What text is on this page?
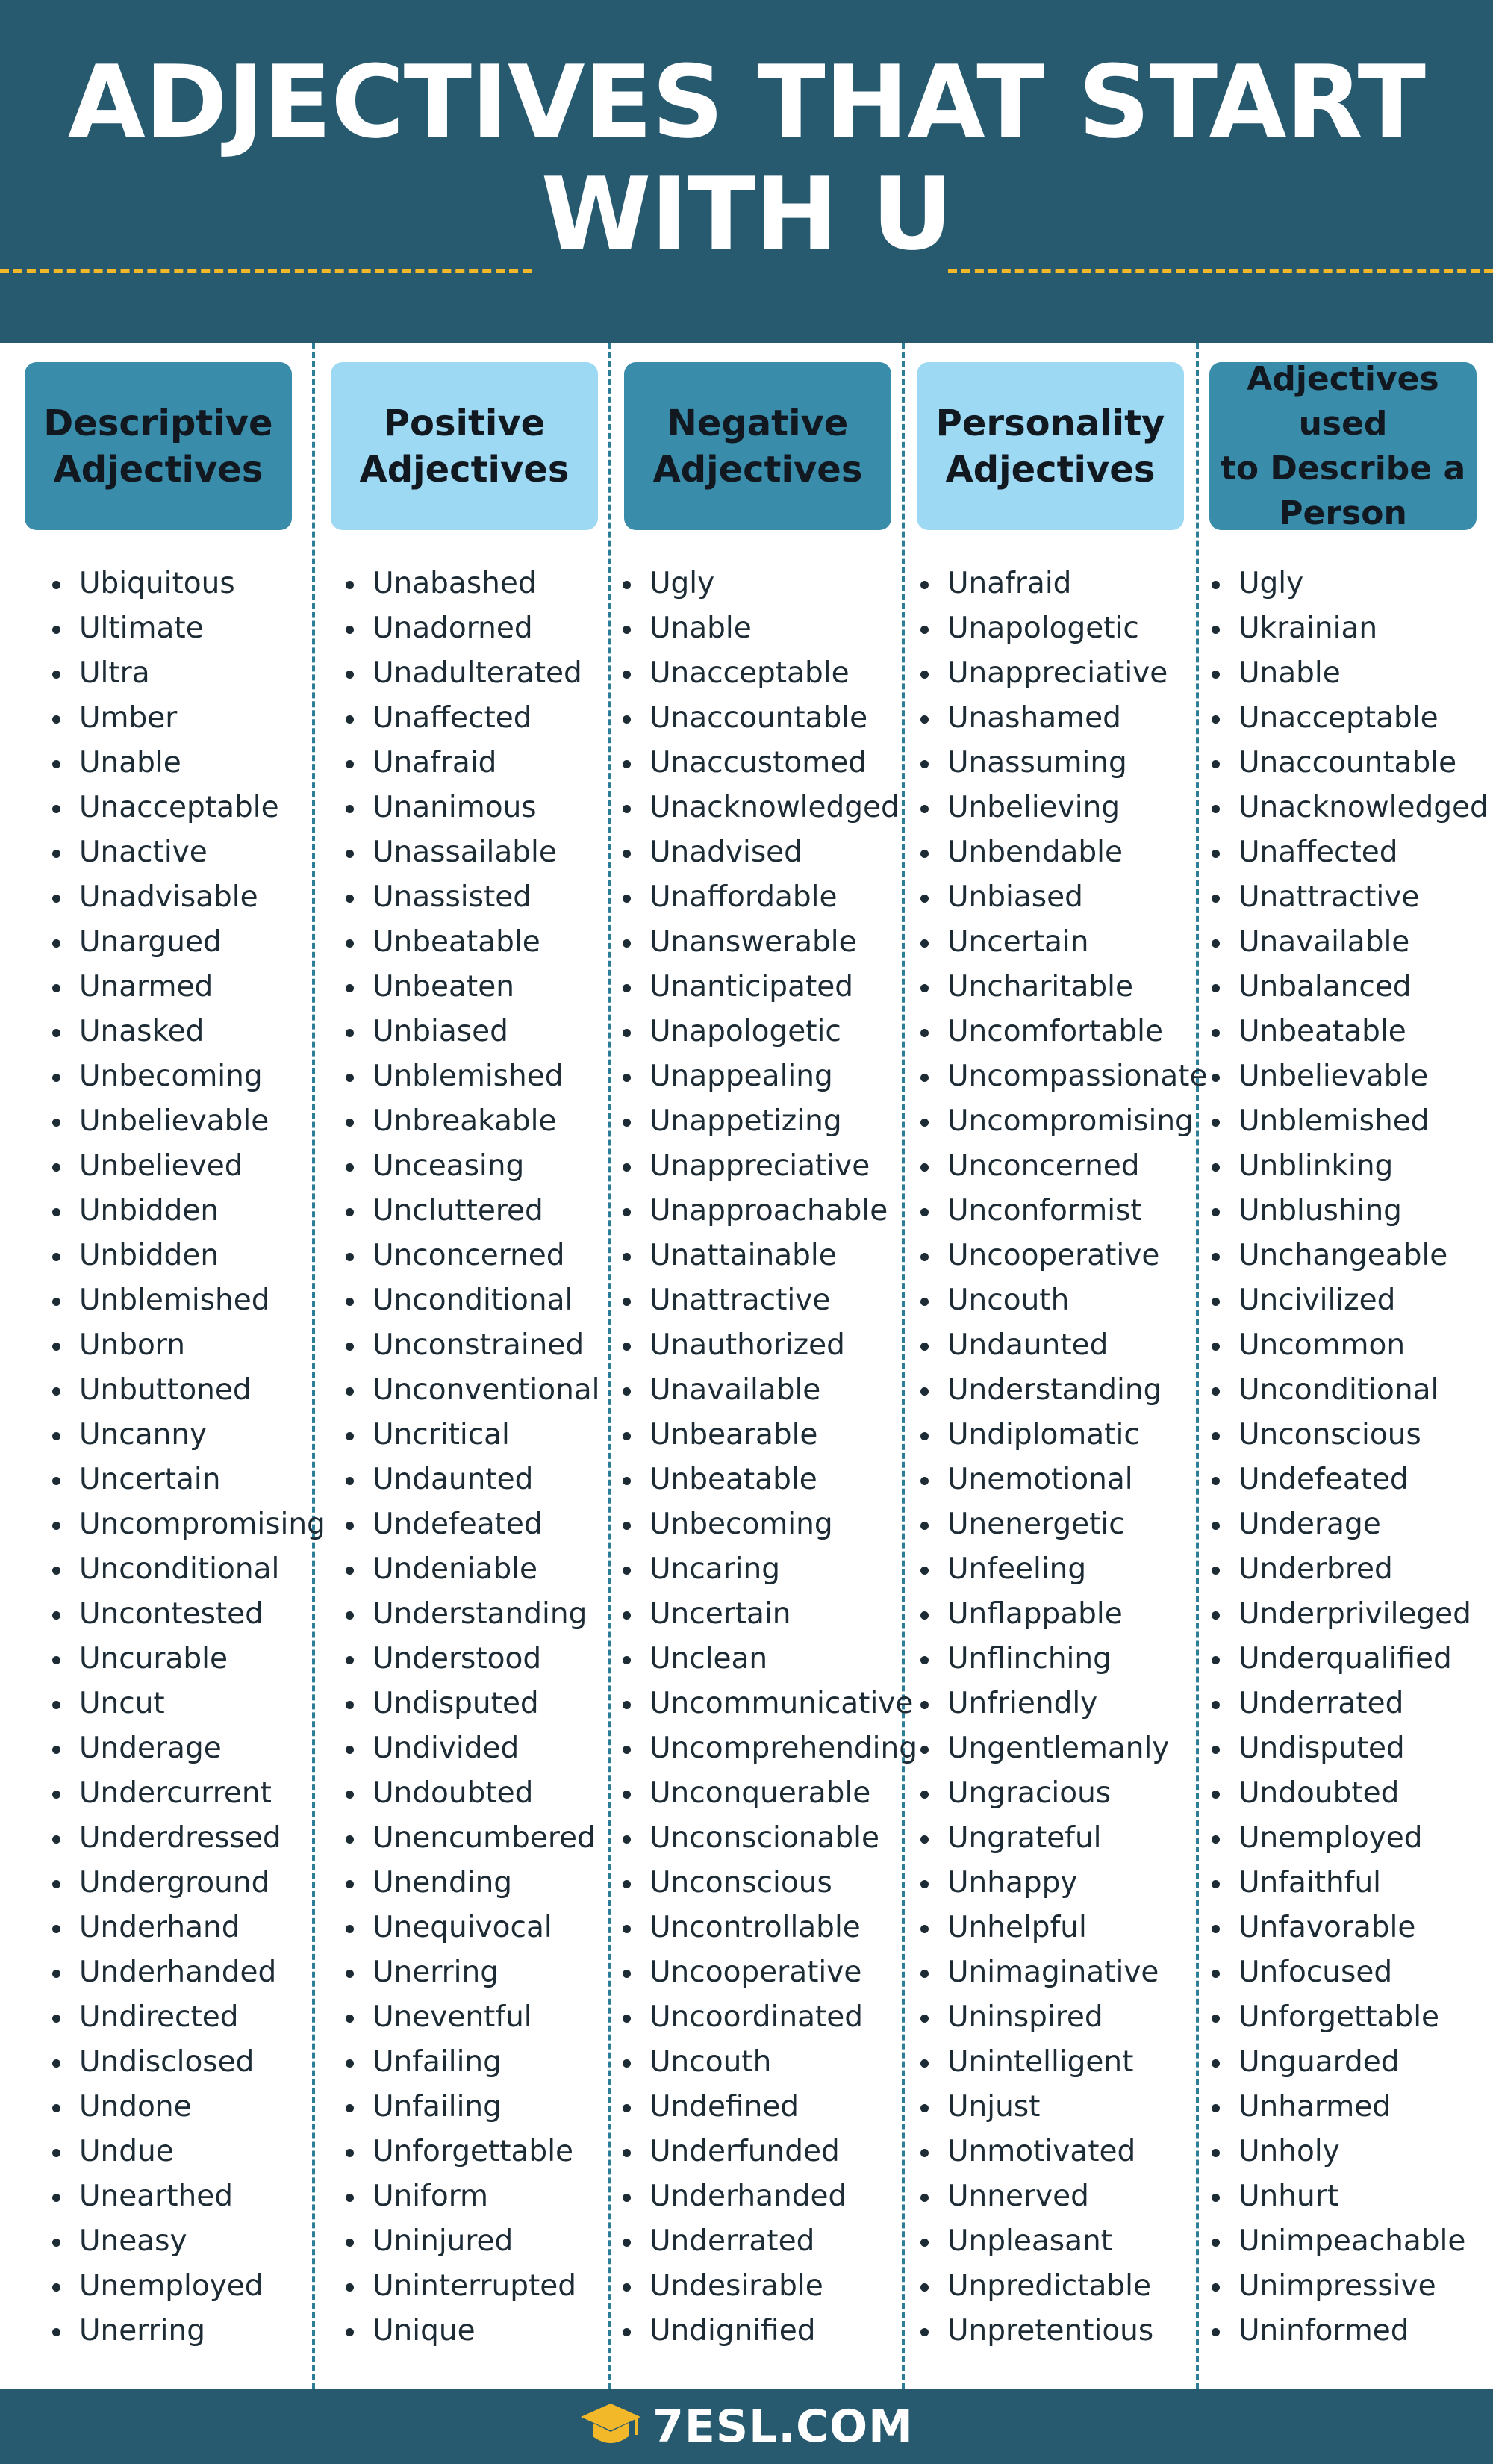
ADJECTIVES THAT START
WITH U
Descriptive
Adjectives
Positive
Adjectives
Negative
Adjectives
Personality
Adjectives
Adjectives used
to Describe a
Person
Ubiquitous
Ultimate
Ultra
Umber
Unable
Unacceptable
Unactive
Unadvisable
Unargued
Unarmed
Unasked
Unbecoming
Unbelievable
Unbelieved
Unbidden
Unbidden
Unblemished
Unborn
Unbuttoned
Uncanny
Uncertain
Uncompromising
Unconditional
Uncontested
Uncurable
Uncut
Underage
Undercurrent
Underdressed
Underground
Underhand
Underhanded
Undirected
Undisclosed
Undone
Undue
Unearthed
Uneasy
Unemployed
Unerring
Unabashed
Unadorned
Unadulterated
Unaffected
Unafraid
Unanimous
Unassailable
Unassisted
Unbeatable
Unbeaten
Unbiased
Unblemished
Unbreakable
Unceasing
Uncluttered
Unconcerned
Unconditional
Unconstrained
Unconventional
Uncritical
Undaunted
Undefeated
Undeniable
Understanding
Understood
Undisputed
Undivided
Undoubted
Unencumbered
Unending
Unequivocal
Unerring
Uneventful
Unfailing
Unfailing
Unforgettable
Uniform
Uninjured
Uninterrupted
Unique
Ugly
Unable
Unacceptable
Unaccountable
Unaccustomed
Unacknowledged
Unadvised
Unaffordable
Unanswerable
Unanticipated
Unapologetic
Unappealing
Unappetizing
Unappreciative
Unapproachable
Unattainable
Unattractive
Unauthorized
Unavailable
Unbearable
Unbeatable
Unbecoming
Uncaring
Uncertain
Unclean
Uncommunicative
Uncomprehending
Unconquerable
Unconscionable
Unconscious
Uncontrollable
Uncooperative
Uncoordinated
Uncouth
Undefined
Underfunded
Underhanded
Underrated
Undesirable
Undignified
Unafraid
Unapologetic
Unappreciative
Unashamed
Unassuming
Unbelieving
Unbendable
Unbiased
Uncertain
Uncharitable
Uncomfortable
Uncompassionate
Uncompromising
Unconcerned
Unconformist
Uncooperative
Uncouth
Undaunted
Understanding
Undiplomatic
Unemotional
Unenergetic
Unfeeling
Unflappable
Unflinching
Unfriendly
Ungentlemanly
Ungracious
Ungrateful
Unhappy
Unhelpful
Unimaginative
Uninspired
Unintelligent
Unjust
Unmotivated
Unnerved
Unpleasant
Unpredictable
Unpretentious
Ugly
Ukrainian
Unable
Unacceptable
Unaccountable
Unacknowledged
Unaffected
Unattractive
Unavailable
Unbalanced
Unbeatable
Unbelievable
Unblemished
Unblinking
Unblushing
Unchangeable
Uncivilized
Uncommon
Unconditional
Unconscious
Undefeated
Underage
Underbred
Underprivileged
Underqualified
Underrated
Undisputed
Undoubted
Unemployed
Unfaithful
Unfavorable
Unfocused
Unforgettable
Unguarded
Unharmed
Unholy
Unhurt
Unimpeachable
Unimpressive
Uninformed
7ESL.COM
